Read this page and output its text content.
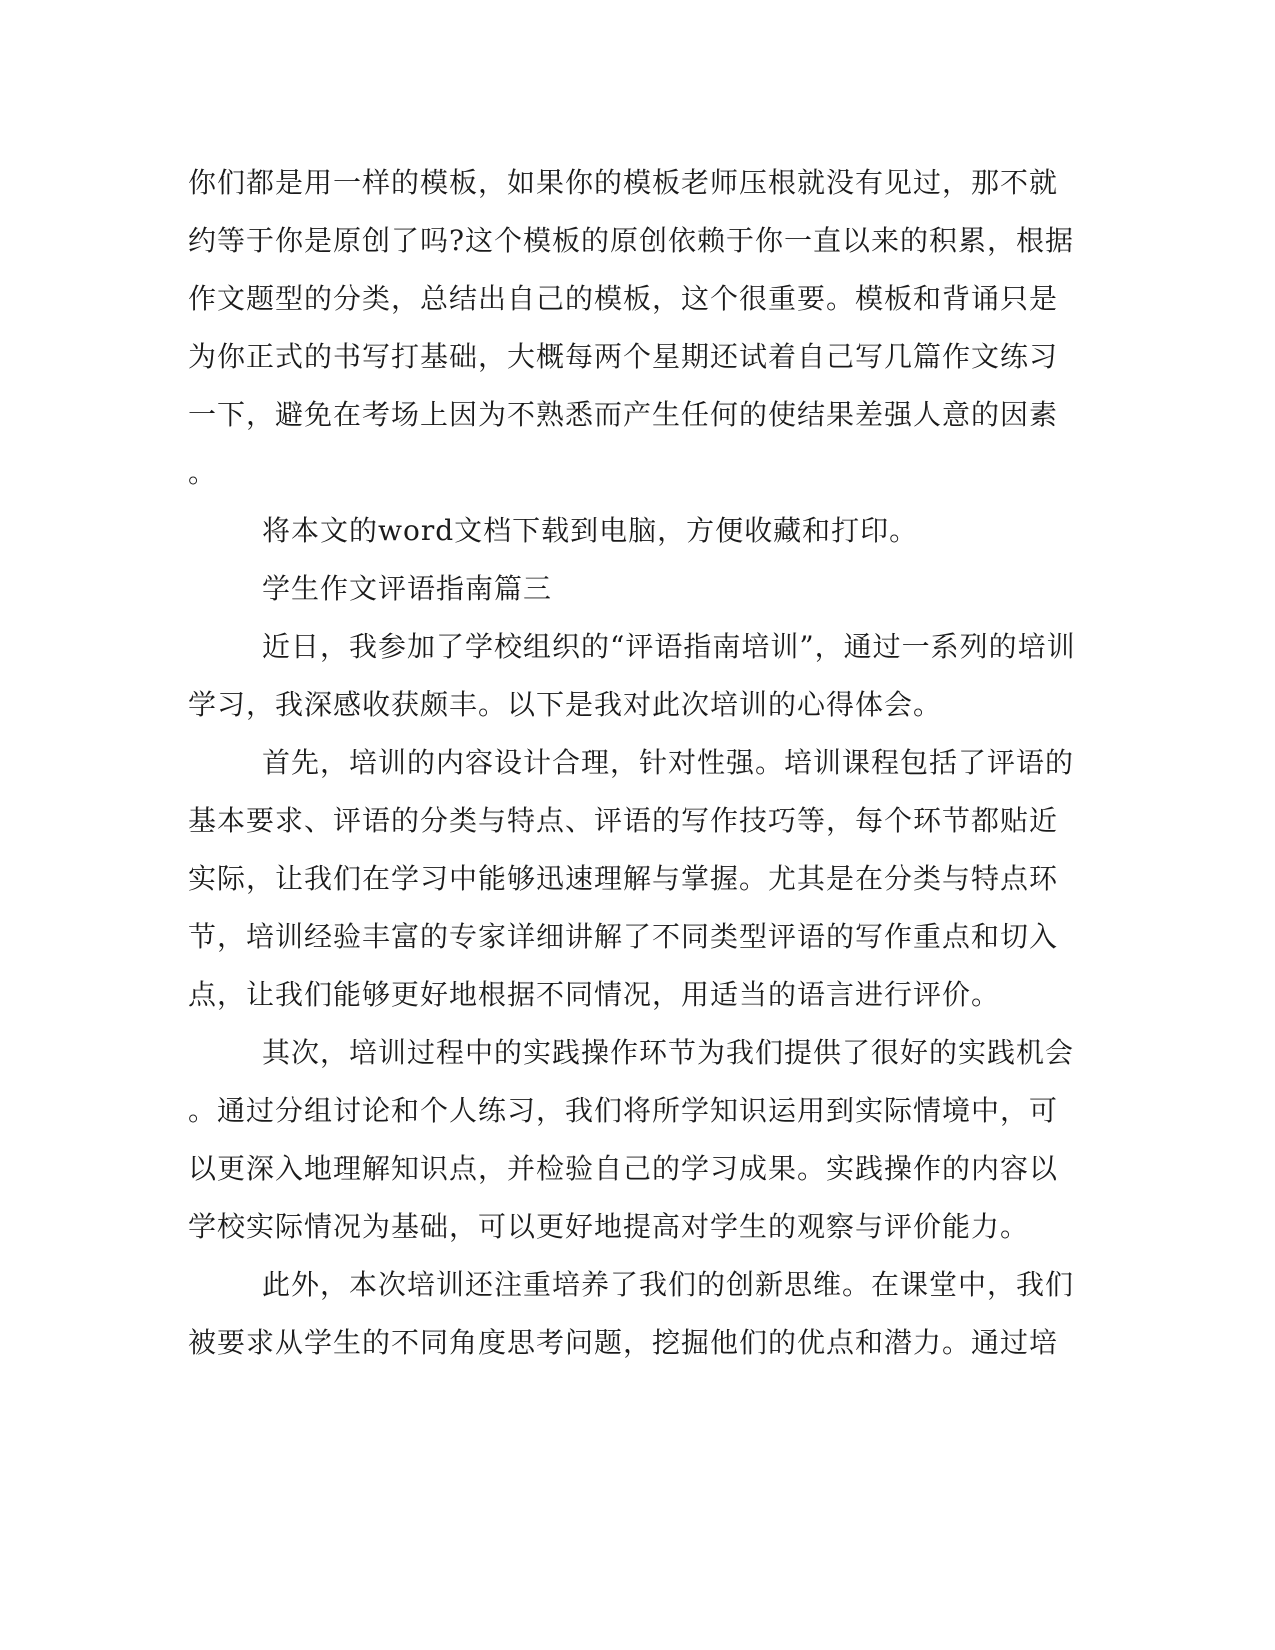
你们都是用一样的模板，如果你的模板老师压根就没有见过，那不就
约等于你是原创了吗?这个模板的原创依赖于你一直以来的积累，根据
作文题型的分类，总结出自己的模板，这个很重要。模板和背诵只是
为你正式的书写打基础，大概每两个星期还试着自己写几篇作文练习
一下，避免在考场上因为不熟悉而产生任何的使结果差强人意的因素
。
将本文的word文档下载到电脑，方便收藏和打印。
学生作文评语指南篇三
近日，我参加了学校组织的“评语指南培训”，通过一系列的培训
学习，我深感收获颇丰。以下是我对此次培训的心得体会。
首先，培训的内容设计合理，针对性强。培训课程包括了评语的
基本要求、评语的分类与特点、评语的写作技巧等，每个环节都贴近
实际，让我们在学习中能够迅速理解与掌握。尤其是在分类与特点环
节，培训经验丰富的专家详细讲解了不同类型评语的写作重点和切入
点，让我们能够更好地根据不同情况，用适当的语言进行评价。
其次，培训过程中的实践操作环节为我们提供了很好的实践机会
。通过分组讨论和个人练习，我们将所学知识运用到实际情境中，可
以更深入地理解知识点，并检验自己的学习成果。实践操作的内容以
学校实际情况为基础，可以更好地提高对学生的观察与评价能力。
此外，本次培训还注重培养了我们的创新思维。在课堂中，我们
被要求从学生的不同角度思考问题，挖掘他们的优点和潜力。通过培
